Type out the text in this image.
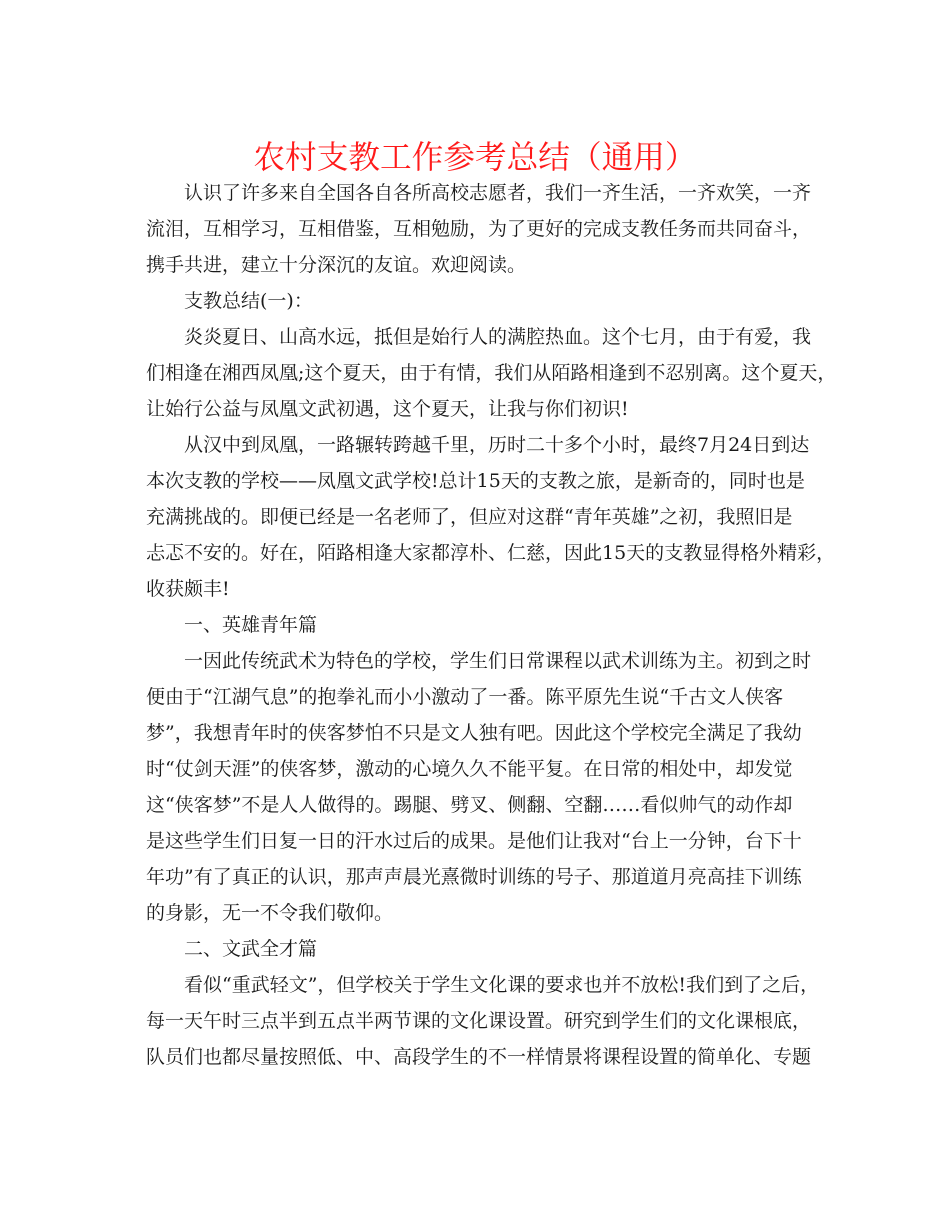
农村支教工作参考总结（通用）
认识了许多来自全国各自各所高校志愿者，我们一齐生活，一齐欢笑，一齐
流泪，互相学习，互相借鉴，互相勉励，为了更好的完成支教任务而共同奋斗，
携手共进，建立十分深沉的友谊。欢迎阅读。
支教总结(一)：
炎炎夏日、山高水远，抵但是始行人的满腔热血。这个七月，由于有爱，我
们相逢在湘西凤凰;这个夏天，由于有情，我们从陌路相逢到不忍别离。这个夏天，
让始行公益与凤凰文武初遇，这个夏天，让我与你们初识!
从汉中到凤凰，一路辗转跨越千里，历时二十多个小时，最终7月24日到达
本次支教的学校——凤凰文武学校!总计15天的支教之旅，是新奇的，同时也是
充满挑战的。即便已经是一名老师了，但应对这群“青年英雄”之初，我照旧是
忐忑不安的。好在，陌路相逢大家都淳朴、仁慈，因此15天的支教显得格外精彩，
收获颇丰!
一、英雄青年篇
一因此传统武术为特色的学校，学生们日常课程以武术训练为主。初到之时
便由于“江湖气息”的抱拳礼而小小激动了一番。陈平原先生说“千古文人侠客
梦”，我想青年时的侠客梦怕不只是文人独有吧。因此这个学校完全满足了我幼
时“仗剑天涯”的侠客梦，激动的心境久久不能平复。在日常的相处中，却发觉
这“侠客梦”不是人人做得的。踢腿、劈叉、侧翻、空翻……看似帅气的动作却
是这些学生们日复一日的汗水过后的成果。是他们让我对“台上一分钟，台下十
年功”有了真正的认识，那声声晨光熹微时训练的号子、那道道月亮高挂下训练
的身影，无一不令我们敬仰。
二、文武全才篇
看似“重武轻文”，但学校关于学生文化课的要求也并不放松!我们到了之后，
每一天午时三点半到五点半两节课的文化课设置。研究到学生们的文化课根底，
队员们也都尽量按照低、中、高段学生的不一样情景将课程设置的简单化、专题
